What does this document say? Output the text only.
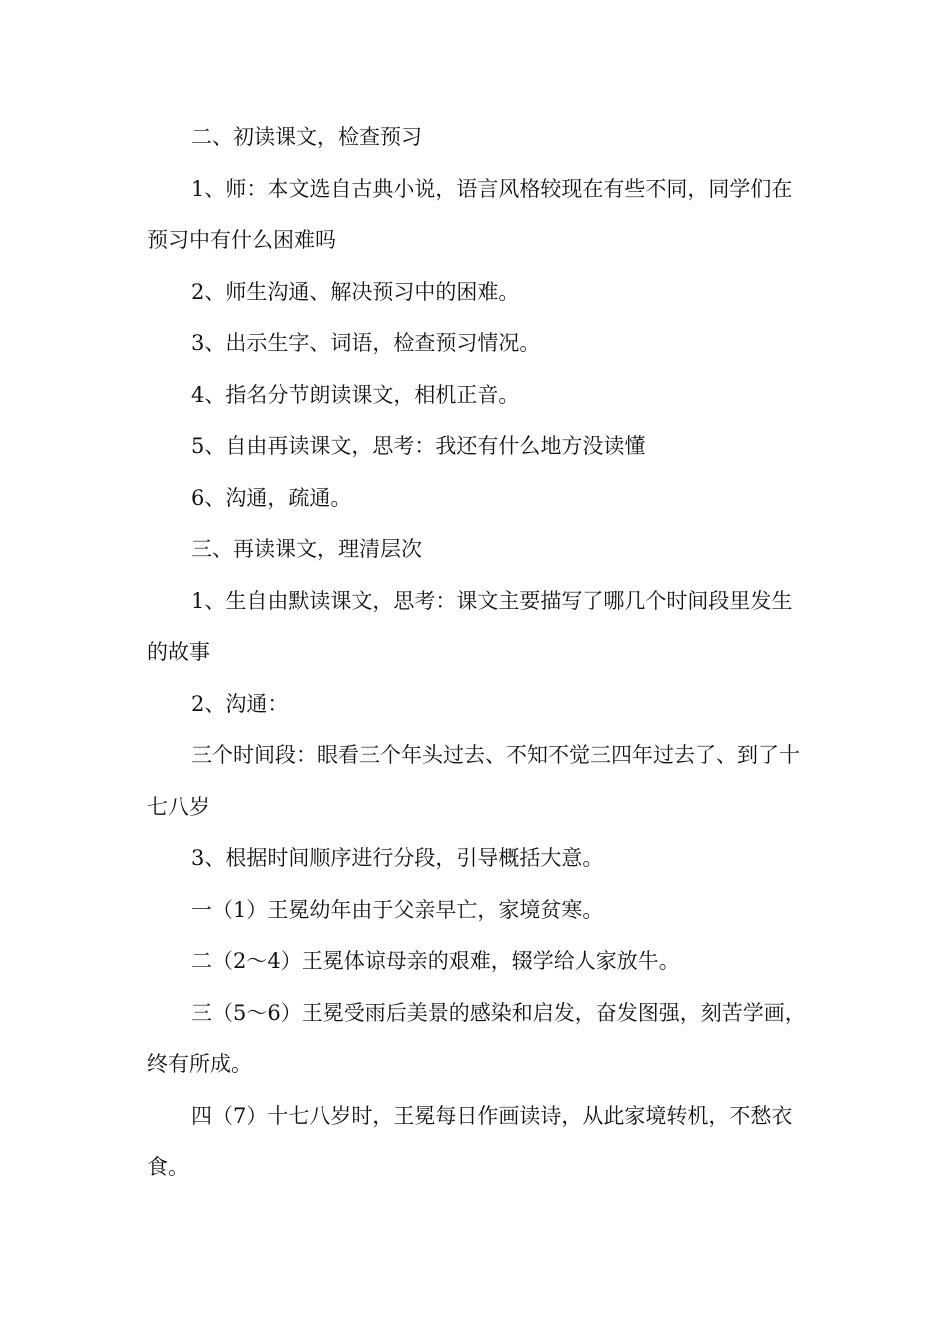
二、初读课文，检查预习

1、师：本文选自古典小说，语言风格较现在有些不同，同学们在预习中有什么困难吗

2、师生沟通、解决预习中的困难。

3、出示生字、词语，检查预习情况。

4、指名分节朗读课文，相机正音。

5、自由再读课文，思考：我还有什么地方没读懂

6、沟通，疏通。

三、再读课文，理清层次

1、生自由默读课文，思考：课文主要描写了哪几个时间段里发生的故事

2、沟通：

三个时间段：眼看三个年头过去、不知不觉三四年过去了、到了十七八岁

3、根据时间顺序进行分段，引导概括大意。

一（1）王冕幼年由于父亲早亡，家境贫寒。

二（2～4）王冕体谅母亲的艰难，辍学给人家放牛。

三（5～6）王冕受雨后美景的感染和启发，奋发图强，刻苦学画，终有所成。

四（7）十七八岁时，王冕每日作画读诗，从此家境转机，不愁衣食。
